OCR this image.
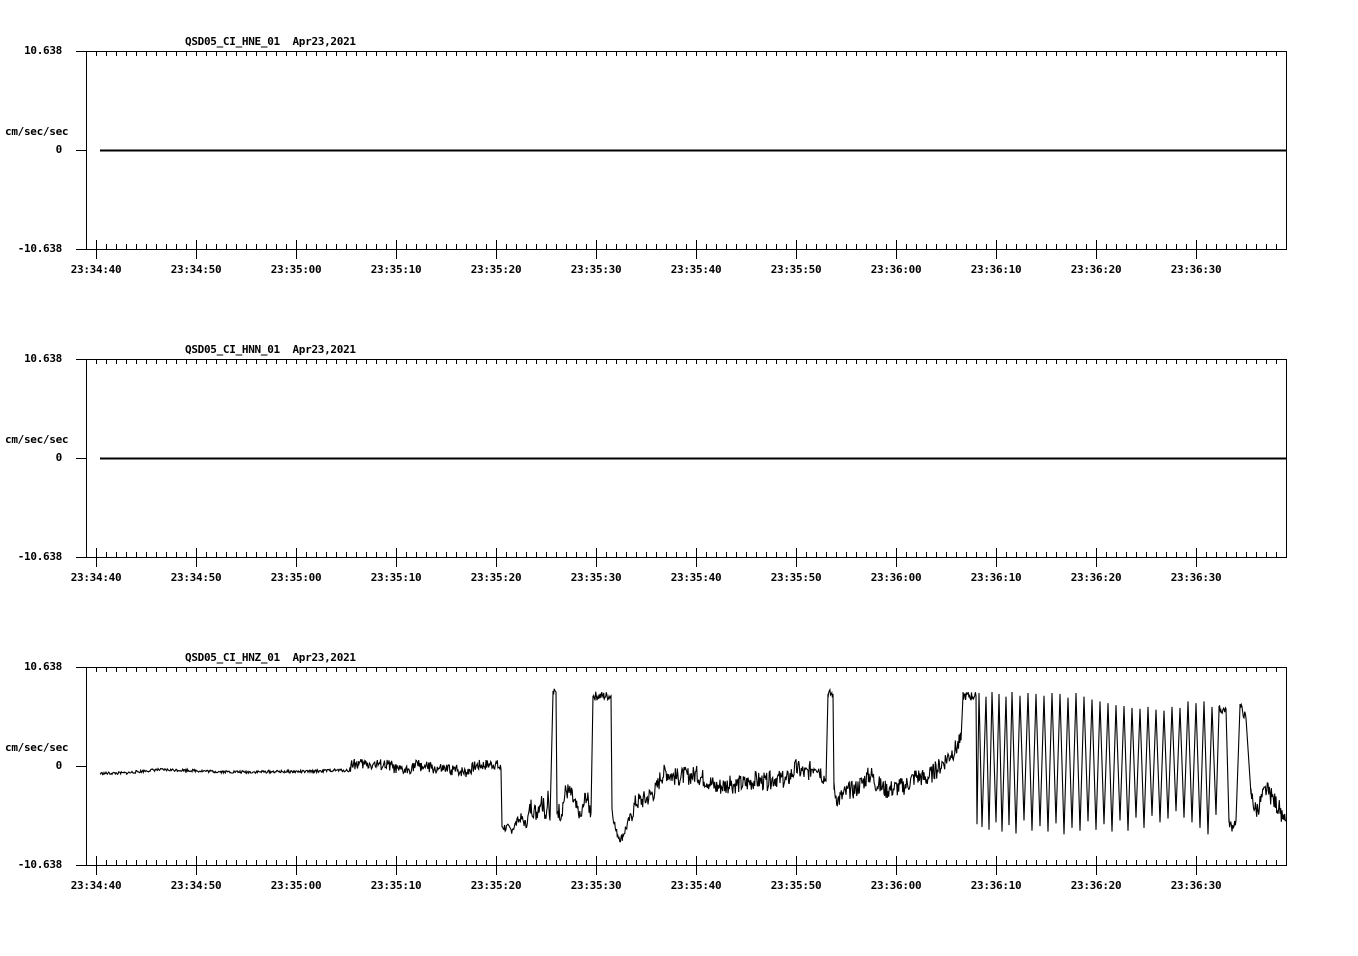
QSD05_CI_HNE_01  Apr23,2021
10.638
cm/sec/sec
0
-10.638
23:34:40	23:34:50	23:35:00	23:35:10	23:35:20	23:35:30	23:35:40	23:35:50	23:36:00	23:36:10	23:36:20	23:36:30
QSD05_CI_HNN_01  Apr23,2021
10.638
cm/sec/sec
0
-10.638
23:34:40	23:34:50	23:35:00	23:35:10	23:35:20	23:35:30	23:35:40	23:35:50	23:36:00	23:36:10	23:36:20	23:36:30
QSD05_CI_HNZ_01  Apr23,2021
10.638
cm/sec/sec
0
-10.638
23:34:40	23:34:50	23:35:00	23:35:10	23:35:20	23:35:30	23:35:40	23:35:50	23:36:00	23:36:10	23:36:20	23:36:30
